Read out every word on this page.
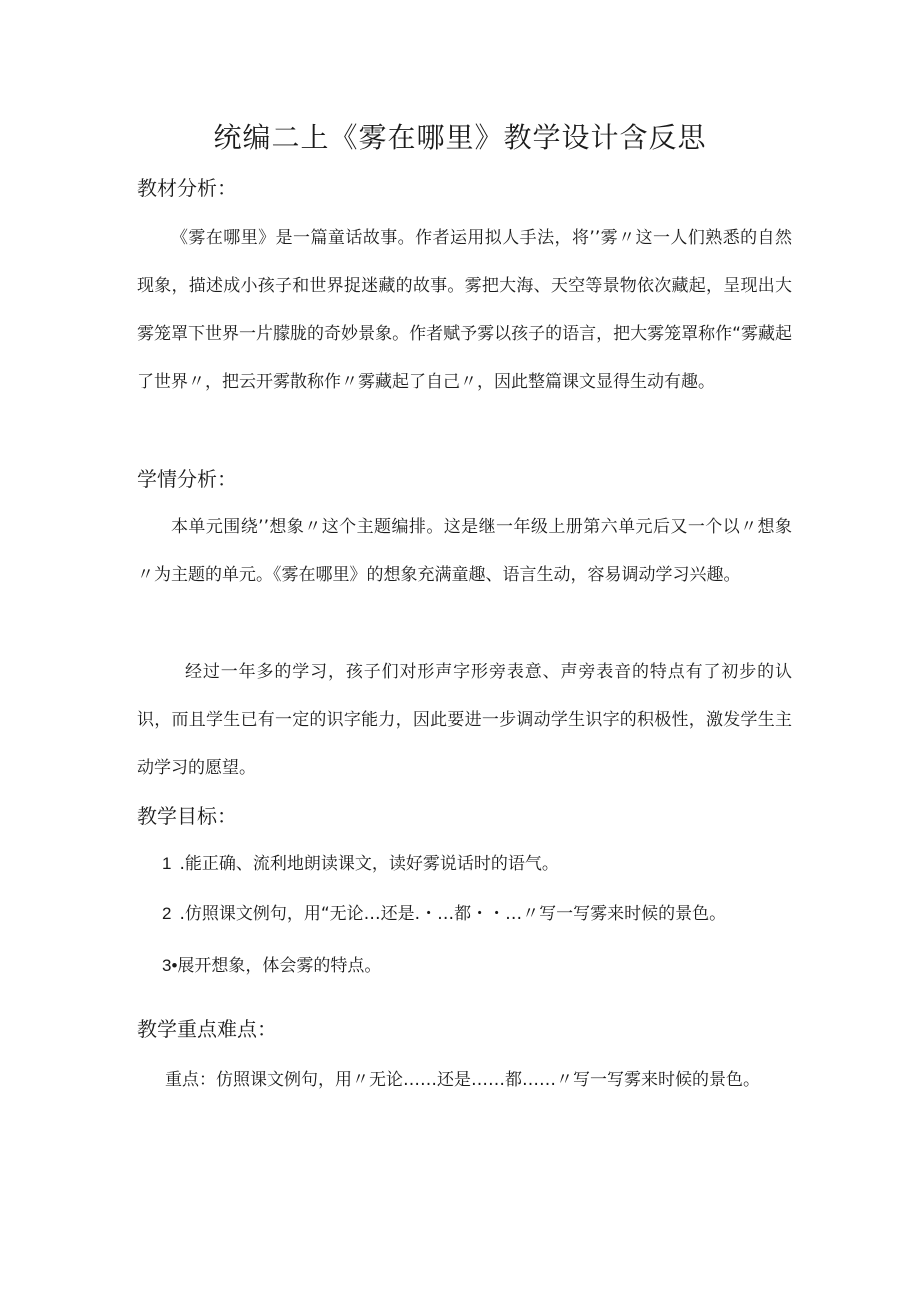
统编二上《雾在哪里》教学设计含反思
教材分析：
《雾在哪里》是一篇童话故事。作者运用拟人手法，将’’雾〃这一人们熟悉的自然现象，描述成小孩子和世界捉迷藏的故事。雾把大海、天空等景物依次藏起，呈现出大雾笼罩下世界一片朦胧的奇妙景象。作者赋予雾以孩子的语言，把大雾笼罩称作“雾藏起了世界〃，把云开雾散称作〃雾藏起了自己〃，因此整篇课文显得生动有趣。
学情分析：
本单元围绕’’想象〃这个主题编排。这是继一年级上册第六单元后又一个以〃想象〃为主题的单元。《雾在哪里》的想象充满童趣、语言生动，容易调动学习兴趣。
经过一年多的学习，孩子们对形声字形旁表意、声旁表音的特点有了初步的认识，而且学生已有一定的识字能力，因此要进一步调动学生识字的积极性，激发学生主动学习的愿望。
教学目标：
1 .能正确、流利地朗读课文，读好雾说话时的语气。
2 .仿照课文例句，用“无论…还是.・…都・・…〃写一写雾来时候的景色。
3•展开想象，体会雾的特点。
教学重点难点：
重点：仿照课文例句，用〃无论……还是……都……〃写一写雾来时候的景色。
